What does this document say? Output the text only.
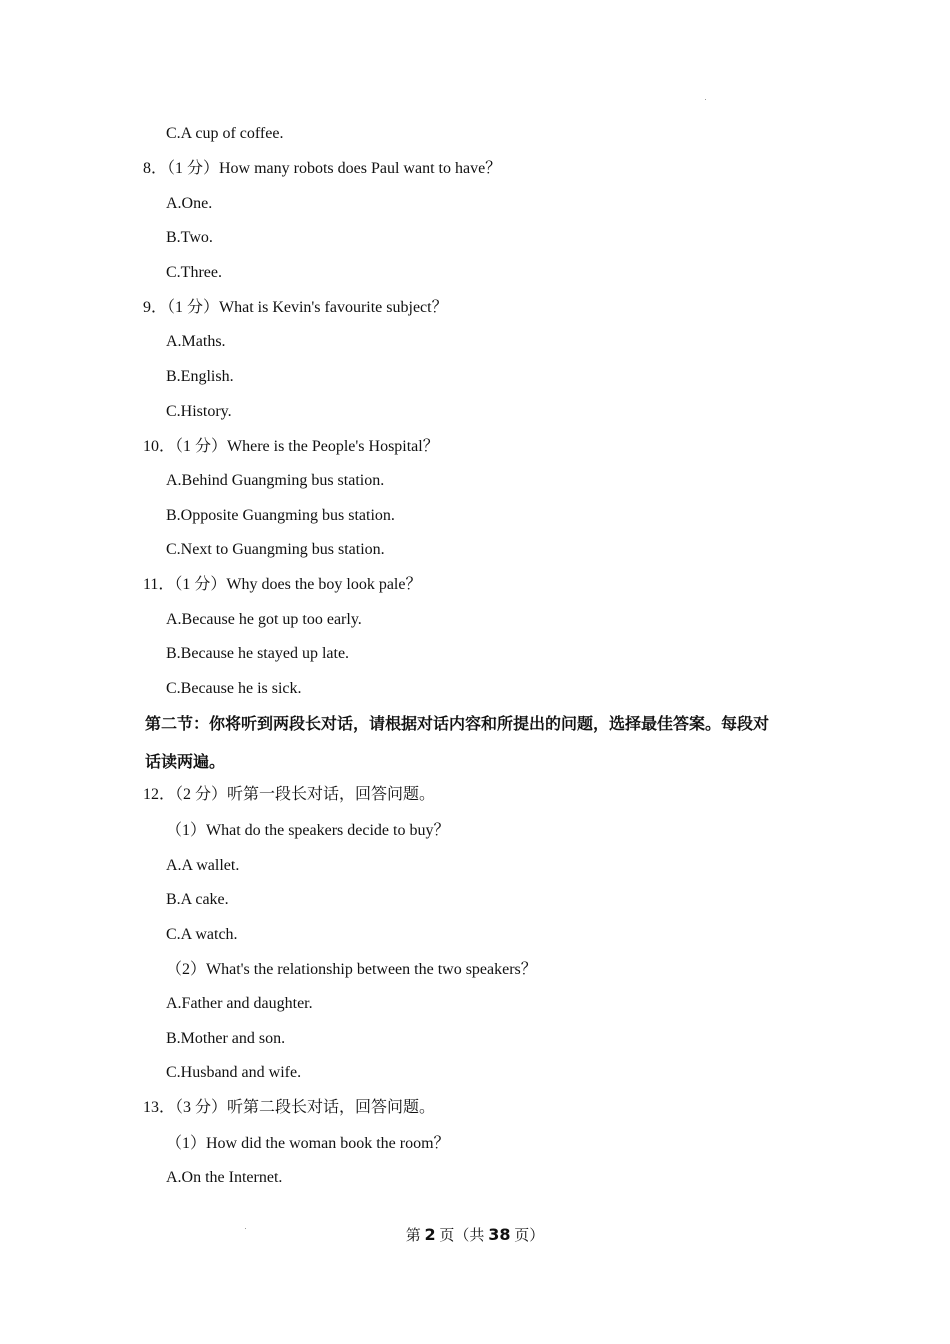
C.A cup of coffee.
8．（1 分）How many robots does Paul want to have？
A.One.
B.Two.
C.Three.
9．（1 分）What is Kevin's favourite subject？
A.Maths.
B.English.
C.History.
10．（1 分）Where is the People's Hospital？
A.Behind Guangming bus station.
B.Opposite Guangming bus station.
C.Next to Guangming bus station.
11．（1 分）Why does the boy look pale？
A.Because he got up too early.
B.Because he stayed up late.
C.Because he is sick.
第二节：你将听到两段长对话，请根据对话内容和所提出的问题，选择最佳答案。每段对
话读两遍。
12．（2 分）听第一段长对话，回答问题。
（1）What do the speakers decide to buy？
A.A wallet.
B.A cake.
C.A watch.
（2）What's the relationship between the two speakers？
A.Father and daughter.
B.Mother and son.
C.Husband and wife.
13．（3 分）听第二段长对话，回答问题。
（1）How did the woman book the room？
A.On the Internet.
第 2 页（共 38 页）
